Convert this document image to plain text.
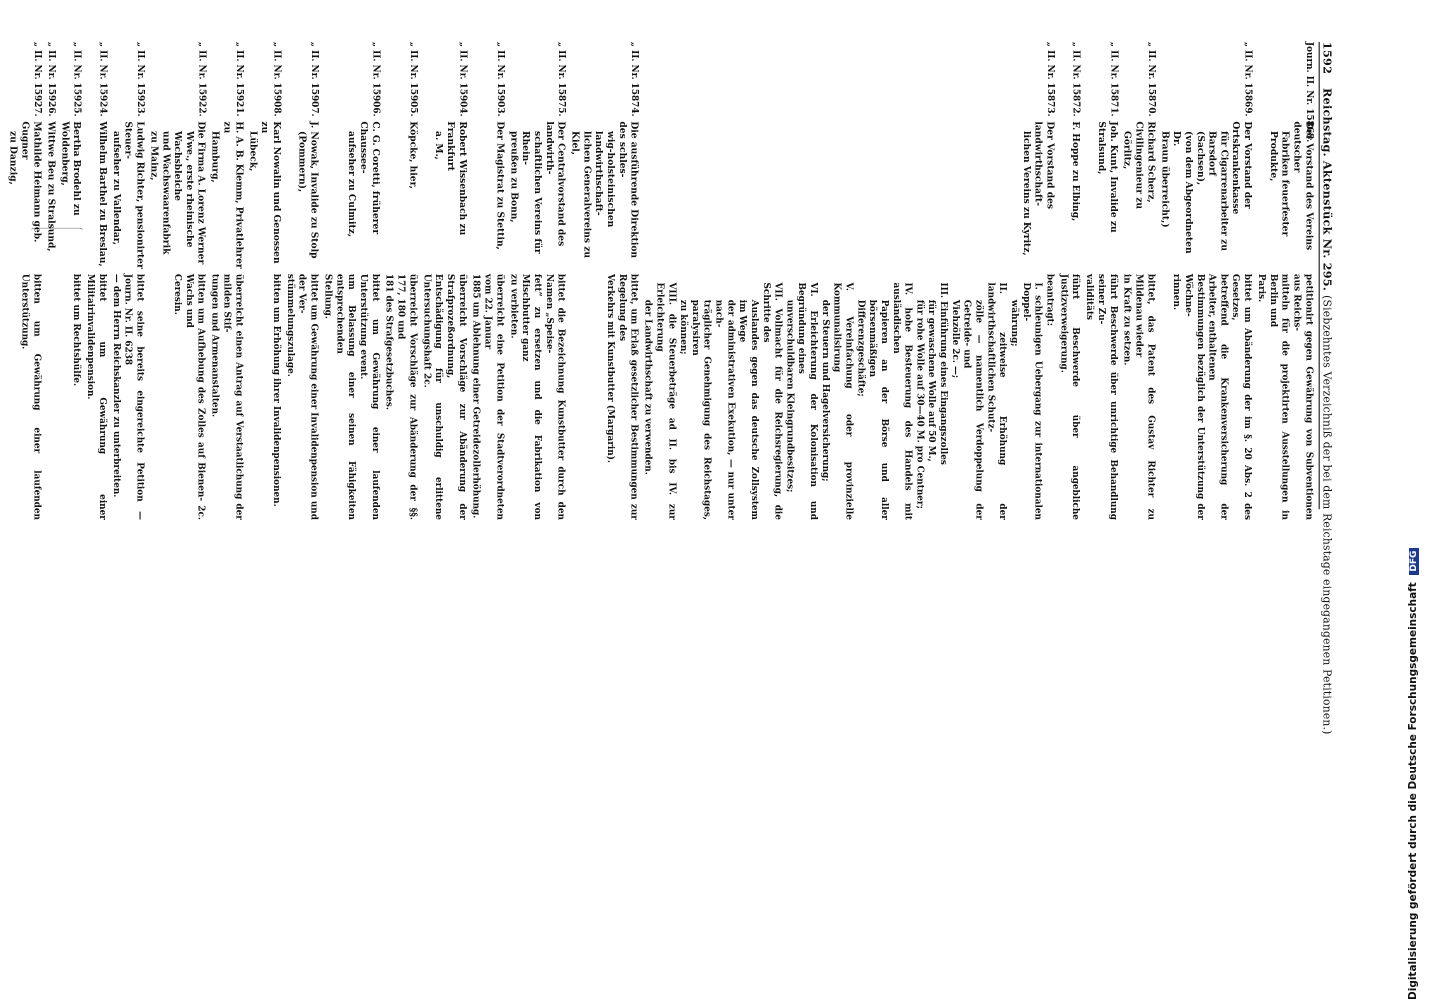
1592 Reichstag. Aktenstück Nr. 295. (Siebzehntes Verzeichniß der bei dem Reichstage eingegangenen Petitionen.)
Journ. II. Nr. 15868.
Der Vorstand des Vereins deutscher
Fabriken feuerfester Produkte,
petitionirt gegen Gewährung von Subventionen aus Reichs-
mitteln für die projektirten Ausstellungen in Berlin und
Paris.
„ II. Nr. 15869.
Der Vorstand der Ortskrankenkasse
für Cigarrenarbeiter zu Barsdorf
(Sachsen),
(von dem Abgeordneten Dr.
Braun überreicht,)
bittet um Abänderung der im §. 20 Abs. 2 des Gesetzes,
betreffend die Krankenversicherung der Arbeiter, enthaltenen
Bestimmungen bezüglich der Unterstützung der Wöchne-
rinnen.
„ II. Nr. 15870.
Richard Scherz, Civilingenieur zu
Görlitz,
bittet, das Patent des Gustav Richter zu Mildenau wieder
in Kraft zu setzen.
„ II. Nr. 15871.
Joh. Kunt, Invalide zu Stralsund,
führt Beschwerde über unrichtige Behandlung seiner Zu-
validitäts
„ II. Nr. 15872.
F. Hoppe zu Elbing,
führt Beschwerde über angebliche Justizverweigerung.
„ II. Nr. 15873.
Der Vorstand des landwirthschaft-
lichen Vereins zu Kyritz,
beantragt:
I. schleunigen Uebergang zur internationalen Doppel-
währung;
II. zeitweise Erhöhung der landwirthschaftlichen Schutz-
zölle — namentlich Verdoppelung der Getreide- und
Viehzölle 2c. —;
III. Einführung eines Eingangszolles
für gewaschene Wolle auf 50 M.,
für rohe Wolle auf 30—40 M. pro Centner;
IV. hohe Besteuerung des Handels mit ausländischen
Papieren an der Börse und aller börsenmäßigen
Differenzgeschäfte;
V. Vereinfachung oder provinzielle Kommunalisirung
der Steuern und Hagelversicherung;
VI. Erleichterung der Kolonisation und Begründung eines
unverschuldbaren Kleingrundbesitzes;
VII. Vollmacht für die Reichsregierung, die Schritte des
Auslandes gegen das deutsche Zollsystem im Wege
der administrativen Exekution, — nur unter nach-
träglicher Genehmigung des Reichstages, paralysiren
zu können;
VIII. die Steuerbeträge ad II. bis IV. zur Erleichterung
der Landwirthschaft zu verwenden.
„ II. Nr. 15874.
Die ausführende Direktion des schles-
wig-holsteinischen landwirthschaft-
lichen Generalvereins zu Kiel,
bittet, um Erlaß gesetzlicher Bestimmungen zur Regelung des
Verkehrs mit Kunstbutter (Margarin).
„ II. Nr. 15875.
Der Centralvorstand des landwirth-
schaftlichen Vereins für Rhein-
preußen zu Bonn,
bittet die Bezeichnung Kunstbutter durch den Namen „Speise-
fett“ zu ersetzen und die Fabrikation von Mischbutter ganz
zu verbieten.
„ II. Nr. 15903.
Der Magistrat zu Stettin,
überreicht eine Petition der Stadtverordneten vom 22. Januar
1885 um Ablehnung einer Getreidezollerhöhung.
„ II. Nr. 15904.
Robert Wissenbach zu Frankfurt
a. M.,
überreicht Vorschläge zur Abänderung der Strafprozeßordnung,
Entschädigung für unschuldig erlittene Untersuchungshaft 2c.
„ II. Nr. 15905.
Köpcke, hier,
überreicht Vorschläge zur Abänderung der §§. 177, 180 und
181 des Strafgesetzbuches.
„ II. Nr. 15906.
C. G. Coretti, früherer Chaussee-
aufseher zu Culmitz,
bittet um Gewährung einer laufenden Unterstützung event.
um Belassung einer seinen Fähigkeiten entsprechenden
Stellung.
„ II. Nr. 15907.
J. Nowak, Invalide zu Stolp
(Pommern),
bittet um Gewährung einer Invalidenpension und der Ver-
stümmelungszulage.
„ II. Nr. 15908.
Karl Nowalin und Genossen zu
Lübeck,
bitten um Erhöhung ihrer Invalidenpensionen.
„ II. Nr. 15921.
H. A. B. Klemm, Privatlehrer zu
Hamburg,
überreicht einen Antrag auf Verstaatlichung der milden Stif-
tungen und Armenanstalten.
„ II. Nr. 15922.
Die Firma A. Lorenz Werner
Wwe., erste rheinische Wachsbleiche
und Wachswaarenfabrik zu Mainz,
bitten um Aufhebung des Zolles auf Bienen- 2c. Wachs und
Ceresin.
„ II. Nr. 15923.
Ludwig Richter, pensionirter Steuer-
aufseher zu Vallendar,
bittet seine bereits eingereichte Petition — Journ. Nr. II. 6238
— dem Herrn Reichskanzler zu unterbreiten.
„ II. Nr. 15924.
Wilhelm Barthel zu Breslau,
bittet um Gewährung einer Militairinvalidenpension.
„ II. Nr. 15925.
Bertha Brodehl zu Woldenberg,
bittet um Rechtshülfe.
„ II. Nr. 15926.
Wittwe Beu zu Stralsund,
„ II. Nr. 15927.
Mathilde Heimann geb. Gugner
zu Danzig,
bitten um Gewährung einer laufenden Unterstützung.
Digitalisierung gefördert durch die Deutsche Forschungsgemeinschaft DFG
